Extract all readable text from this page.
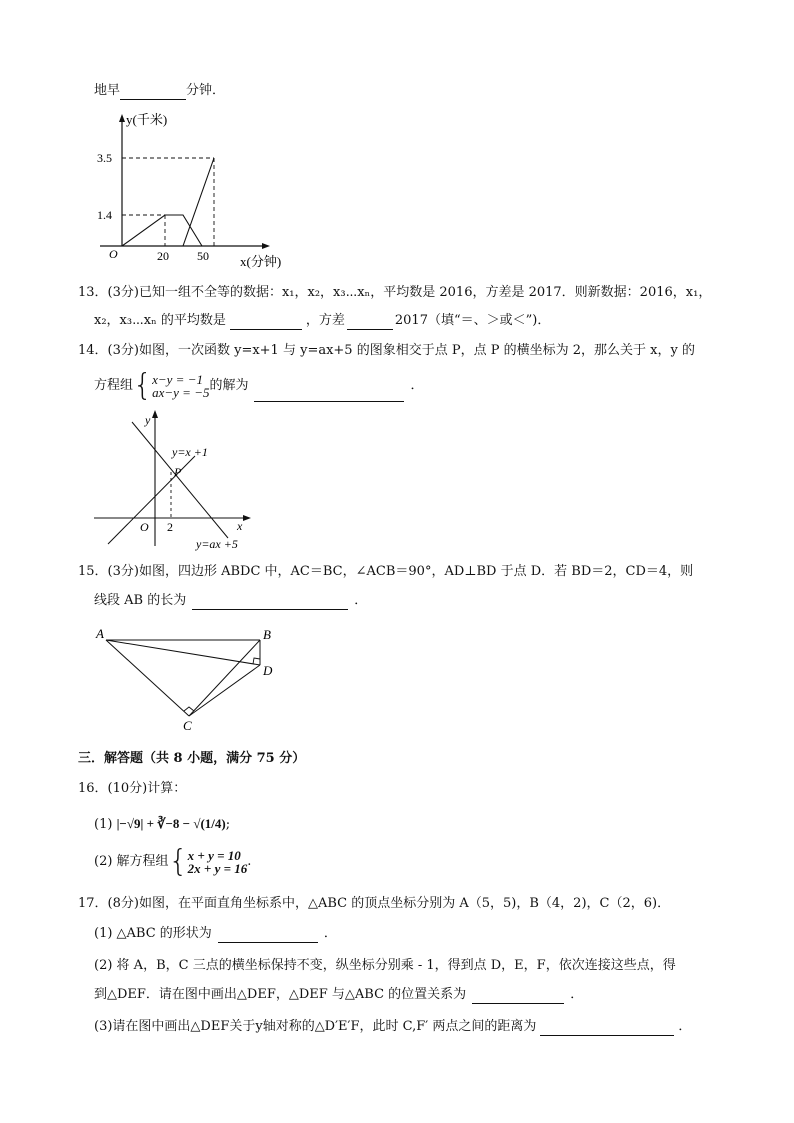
地早	分钟．
y(千米)
x(分钟)
O
3.5
1.4
20 50
13．(3分)已知一组不全等的数据：x₁，x₂，x₃⋯xₙ，平均数是 2016，方差是 2017．则新数据：2016，x₁，
x₂，x₃⋯xₙ 的平均数是	，方差	2017（填“＝、＞或＜”)．
14．(3分)如图，一次函数 y=x+1 与 y=ax+5 的图象相交于点 P，点 P 的横坐标为 2，那么关于 x，y 的
方程组{ x−y = −1
ax−y = −5 的解为	．
y
x
O 2
P
y=x +1
y=ax +5
15．(3分)如图，四边形 ABDC 中，AC＝BC，∠ACB＝90°，AD⊥BD 于点 D．若 BD＝2，CD＝4，则
线段 AB 的长为	．
A	B
C
D
三．解答题（共 8 小题，满分 75 分）
16．(10分)计算：
(1) |−√9| + ∛−8 − √(1/4);
(2) 解方程组{ x + y = 10
2x + y = 16 .
17．(8分)如图，在平面直角坐标系中，△ABC 的顶点坐标分别为 A（5，5)，B（4，2)，C（2，6)．
(1) △ABC 的形状为	．
(2) 将 A，B，C 三点的横坐标保持不变，纵坐标分别乘 - 1，得到点 D，E，F，依次连接这些点，得
到△DEF．请在图中画出△DEF，△DEF 与△ABC 的位置关系为	．
(3)请在图中画出△DEF关于y轴对称的△D′E′F，此时 C,F′ 两点之间的距离为	．
